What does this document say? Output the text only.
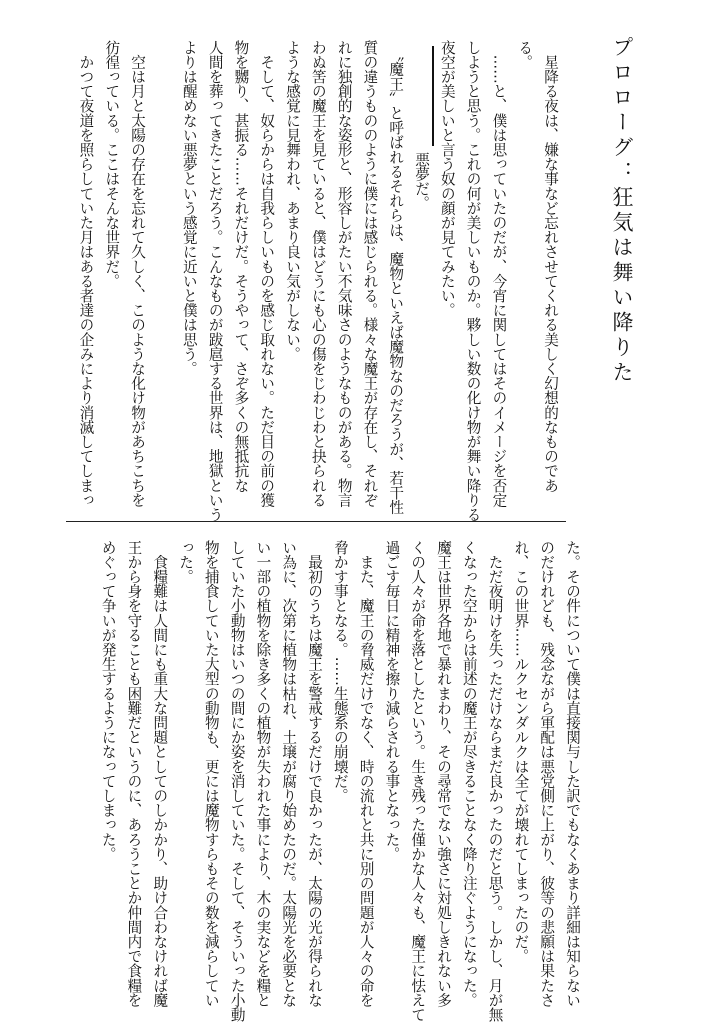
プロローグ：狂気は舞い降りた
　星降る夜は、嫌な事など忘れさせてくれる美しく幻想的なものであ
る。
　……と、僕は思っていたのだが、今宵に関してはそのイメージを否定
しようと思う。これの何が美しいものか。夥しい数の化け物が舞い降りる
夜空が美しいと言う奴の顔が見てみたい。
悪夢だ。
　〝魔王〟と呼ばれるそれらは、魔物といえば魔物なのだろうが、若干性
質の違うもののように僕には感じられる。様々な魔王が存在し、それぞ
れに独創的な姿形と、形容しがたい不気味さのようなものがある。物言
わぬ筈の魔王を見ていると、僕はどうにも心の傷をじわじわと抉られる
ような感覚に見舞われ、あまり良い気がしない。
　そして、奴らからは自我らしいものを感じ取れない。ただ目の前の獲
物を嬲り、甚振る……それだけだ。そうやって、さぞ多くの無抵抗な
人間を葬ってきたことだろう。こんなものが跋扈する世界は、地獄という
よりは醒めない悪夢という感覚に近いと僕は思う。
　空は月と太陽の存在を忘れて久しく、このような化け物があちこちを
彷徨っている。ここはそんな世界だ。
　かつて夜道を照らしていた月はある者達の企みにより消滅してしまっ
た。その件について僕は直接関与した訳でもなくあまり詳細は知らない
のだけれども、残念ながら軍配は悪党側に上がり、彼等の悲願は果たさ
れ、この世界……ルクセンダルクは全てが壊れてしまったのだ。
　ただ夜明けを失っただけならまだ良かったのだと思う。しかし、月が無
くなった空からは前述の魔王が尽きることなく降り注ぐようになった。
魔王は世界各地で暴れまわり、その尋常でない強さに対処しきれない多
くの人々が命を落としたという。生き残った僅かな人々も、魔王に怯えて
過ごす毎日に精神を擦り減らされる事となった。
　また、魔王の脅威だけでなく、時の流れと共に別の問題が人々の命を
脅かす事となる。……生態系の崩壊だ。
　最初のうちは魔王を警戒するだけで良かったが、太陽の光が得られな
い為に、次第に植物は枯れ、土壌が腐り始めたのだ。太陽光を必要とな
い一部の植物を除き多くの植物が失われた事により、木の実などを糧と
していた小動物はいつの間にか姿を消していた。そして、そういった小動
物を捕食していた大型の動物も、更には魔物すらもその数を減らしてい
った。
　食糧難は人間にも重大な問題としてのしかかり、助け合わなければ魔
王から身を守ることも困難だというのに、あろうことか仲間内で食糧を
めぐって争いが発生するようになってしまった。
